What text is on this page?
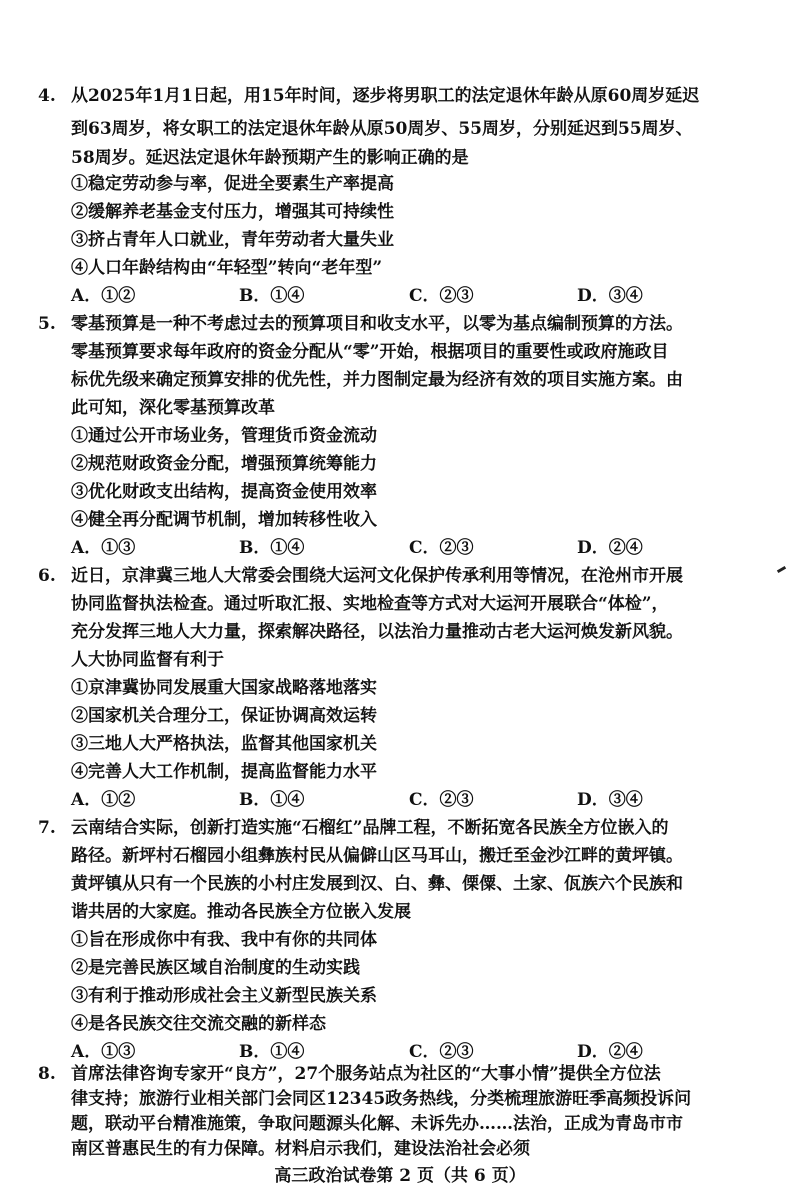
4. 从2025年1月1日起，用15年时间，逐步将男职工的法定退休年龄从原60周岁延迟
到63周岁，将女职工的法定退休年龄从原50周岁、55周岁，分别延迟到55周岁、
58周岁。延迟法定退休年龄预期产生的影响正确的是
①稳定劳动参与率，促进全要素生产率提高
②缓解养老基金支付压力，增强其可持续性
③挤占青年人口就业，青年劳动者大量失业
④人口年龄结构由“年轻型”转向“老年型”
A．①②	B．①④	C．②③	D．③④
5. 零基预算是一种不考虑过去的预算项目和收支水平，以零为基点编制预算的方法。
零基预算要求每年政府的资金分配从“零”开始，根据项目的重要性或政府施政目
标优先级来确定预算安排的优先性，并力图制定最为经济有效的项目实施方案。由
此可知，深化零基预算改革
①通过公开市场业务，管理货币资金流动
②规范财政资金分配，增强预算统筹能力
③优化财政支出结构，提高资金使用效率
④健全再分配调节机制，增加转移性收入
A．①③	B．①④	C．②③	D．②④
6. 近日，京津冀三地人大常委会围绕大运河文化保护传承利用等情况，在沧州市开展
协同监督执法检查。通过听取汇报、实地检查等方式对大运河开展联合“体检”，
充分发挥三地人大力量，探索解决路径，以法治力量推动古老大运河焕发新风貌。
人大协同监督有利于
①京津冀协同发展重大国家战略落地落实
②国家机关合理分工，保证协调高效运转
③三地人大严格执法，监督其他国家机关
④完善人大工作机制，提高监督能力水平
A．①②	B．①④	C．②③	D．③④
7. 云南结合实际，创新打造实施“石榴红”品牌工程，不断拓宽各民族全方位嵌入的
路径。新坪村石榴园小组彝族村民从偏僻山区马耳山，搬迁至金沙江畔的黄坪镇。
黄坪镇从只有一个民族的小村庄发展到汉、白、彝、傈僳、土家、佤族六个民族和
谐共居的大家庭。推动各民族全方位嵌入发展
①旨在形成你中有我、我中有你的共同体
②是完善民族区域自治制度的生动实践
③有利于推动形成社会主义新型民族关系
④是各民族交往交流交融的新样态
A．①③	B．①④	C．②③	D．②④
8. 首席法律咨询专家开“良方”，27个服务站点为社区的“大事小情”提供全方位法
律支持；旅游行业相关部门会同区12345政务热线，分类梳理旅游旺季高频投诉问
题，联动平台精准施策，争取问题源头化解、未诉先办……法治，正成为青岛市市
高三政治试卷第 2 页（共 6 页）
南区普惠民生的有力保障。材料启示我们，建设法治社会必须
